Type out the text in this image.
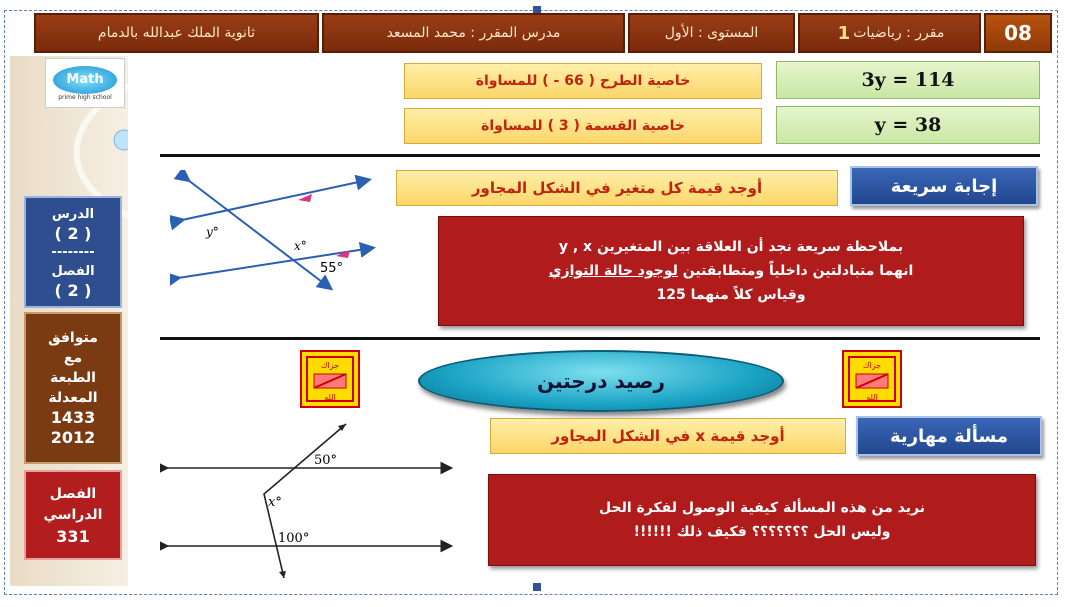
08
مقرر : رياضيات
1
المستوى : الأول
مدرس المقرر : محمد المسعد
ثانوية الملك عبدالله بالدمام
Math
prime high school
الدرس
( 2 )
--------
الفصل
( 2 )
متوافق
مع
الطبعة
المعدلة
1433
2012
الفصل
الدراسي
331
3y = 114
y = 38
خاصية الطرح ( 66 - ) للمساواة
خاصية القسمة ( 3 ) للمساواة
إجابة سريعة
أوجد قيمة كل متغير في الشكل المجاور
بملاحظة سريعة نجد أن العلاقة بين المتغيرين y , x
انهما متبادلتين داخلياً ومتطابقتين لوجود حالة التوازي
وقياس كلاً منهما 125
y°
x°
55°
جزاك
الله
جزاك
الله
رصيد درجتين
مسألة مهارية
أوجد قيمة x في الشكل المجاور
نريد من هذه المسألة كيفية الوصول لفكرة الحل
وليس الحل ؟؟؟؟؟؟؟ فكيف ذلك !!!!!!
50°
x°
100°
